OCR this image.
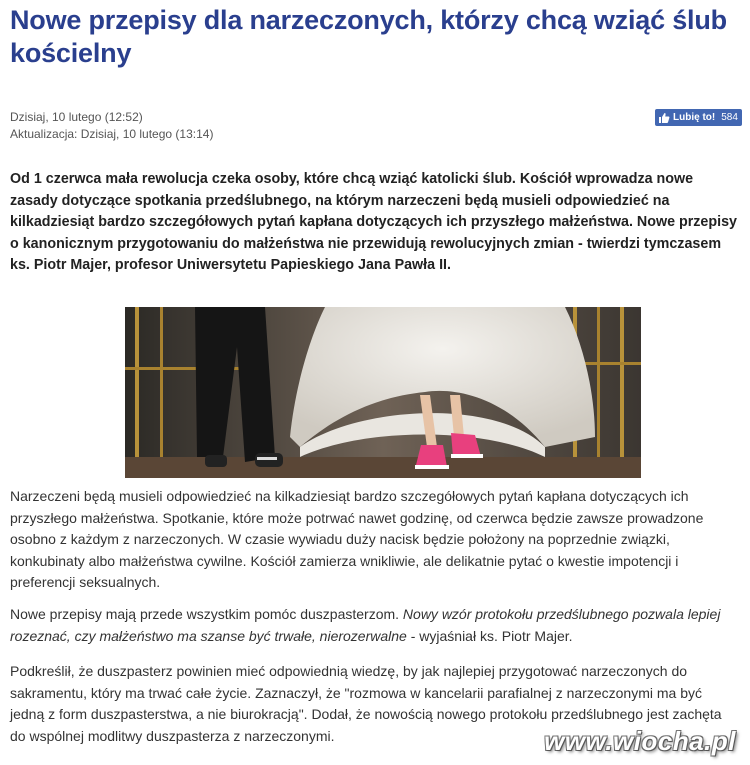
Nowe przepisy dla narzeczonych, którzy chcą wziąć ślub kościelny
Dzisiaj, 10 lutego (12:52)
Aktualizacja: Dzisiaj, 10 lutego (13:14)
Lubię to! 584

Od 1 czerwca mała rewolucja czeka osoby, które chcą wziąć katolicki ślub. Kościół wprowadza nowe zasady dotyczące spotkania przedślubnego, na którym narzeczeni będą musieli odpowiedzieć na kilkadziesiąt bardzo szczegółowych pytań kapłana dotyczących ich przyszłego małżeństwa. Nowe przepisy o kanonicznym przygotowaniu do małżeństwa nie przewidują rewolucyjnych zmian - twierdzi tymczasem ks. Piotr Majer, profesor Uniwersytetu Papieskiego Jana Pawła II.

Narzeczeni będą musieli odpowiedzieć na kilkadziesiąt bardzo szczegółowych pytań kapłana dotyczących ich przyszłego małżeństwa. Spotkanie, które może potrwać nawet godzinę, od czerwca będzie zawsze prowadzone osobno z każdym z narzeczonych. W czasie wywiadu duży nacisk będzie położony na poprzednie związki, konkubinaty albo małżeństwa cywilne. Kościół zamierza wnikliwie, ale delikatnie pytać o kwestie impotencji i preferencji seksualnych.

Nowe przepisy mają przede wszystkim pomóc duszpasterzom. Nowy wzór protokołu przedślubnego pozwala lepiej rozeznać, czy małżeństwo ma szanse być trwałe, nierozerwalne - wyjaśniał ks. Piotr Majer.

Podkreślił, że duszpasterz powinien mieć odpowiednią wiedzę, by jak najlepiej przygotować narzeczonych do sakramentu, który ma trwać całe życie. Zaznaczył, że "rozmowa w kancelarii parafialnej z narzeczonymi ma być jedną z form duszpasterstwa, a nie biurokracją". Dodał, że nowością nowego protokołu przedślubnego jest zachęta do wspólnej modlitwy duszpasterza z narzeczonymi.	www.wiocha.pl
